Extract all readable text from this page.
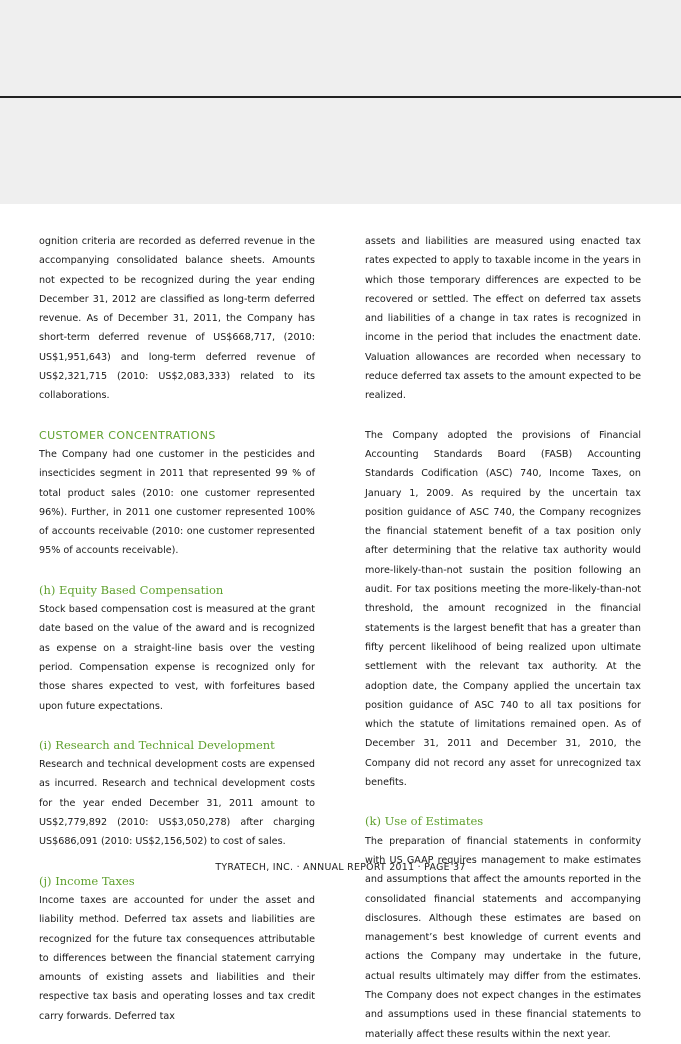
ognition criteria are recorded as deferred revenue in the accompanying consolidated balance sheets. Amounts not expected to be recognized during the year ending December 31, 2012 are classified as long-term deferred revenue. As of December 31, 2011, the Company has short-term deferred revenue of US$668,717, (2010: US$1,951,643) and long-term deferred revenue of US$2,321,715 (2010: US$2,083,333) related to its collaborations.

CUSTOMER CONCENTRATIONS

The Company had one customer in the pesticides and insecticides segment in 2011 that represented 99 % of total product sales (2010: one customer represented 96%). Further, in 2011 one customer represented 100% of accounts receivable (2010: one customer represented 95% of accounts receivable).

(h) Equity Based Compensation

Stock based compensation cost is measured at the grant date based on the value of the award and is recognized as expense on a straight-line basis over the vesting period. Compensation expense is recognized only for those shares expected to vest, with forfeitures based upon future expectations.

(i) Research and Technical Development

Research and technical development costs are expensed as incurred. Research and technical development costs for the year ended December 31, 2011 amount to US$2,779,892 (2010: US$3,050,278) after charging US$686,091 (2010: US$2,156,502) to cost of sales.

(j) Income Taxes

Income taxes are accounted for under the asset and liability method. Deferred tax assets and liabilities are recognized for the future tax consequences attributable to differences between the financial statement carrying amounts of existing assets and liabilities and their respective tax basis and operating losses and tax credit carry forwards. Deferred tax

assets and liabilities are measured using enacted tax rates expected to apply to taxable income in the years in which those temporary differences are expected to be recovered or settled. The effect on deferred tax assets and liabilities of a change in tax rates is recognized in income in the period that includes the enactment date. Valuation allowances are recorded when necessary to reduce deferred tax assets to the amount expected to be realized.

The Company adopted the provisions of Financial Accounting Standards Board (FASB) Accounting Standards Codification (ASC) 740, Income Taxes, on January 1, 2009. As required by the uncertain tax position guidance of ASC 740, the Company recognizes the financial statement benefit of a tax position only after determining that the relative tax authority would more-likely-than-not sustain the position following an audit. For tax positions meeting the more-likely-than-not threshold, the amount recognized in the financial statements is the largest benefit that has a greater than fifty percent likelihood of being realized upon ultimate settlement with the relevant tax authority. At the adoption date, the Company applied the uncertain tax position guidance of ASC 740 to all tax positions for which the statute of limitations remained open. As of December 31, 2011 and December 31, 2010, the Company did not record any asset for unrecognized tax benefits.

(k) Use of Estimates

The preparation of financial statements in conformity with US GAAP requires management to make estimates and assumptions that affect the amounts reported in the consolidated financial statements and accompanying disclosures. Although these estimates are based on management’s best knowledge of current events and actions the Company may undertake in the future, actual results ultimately may differ from the estimates. The Company does not expect changes in the estimates and assumptions used in these financial statements to materially affect these results within the next year.

TYRATECH, INC. · ANNUAL REPORT 2011 · PAGE 37
